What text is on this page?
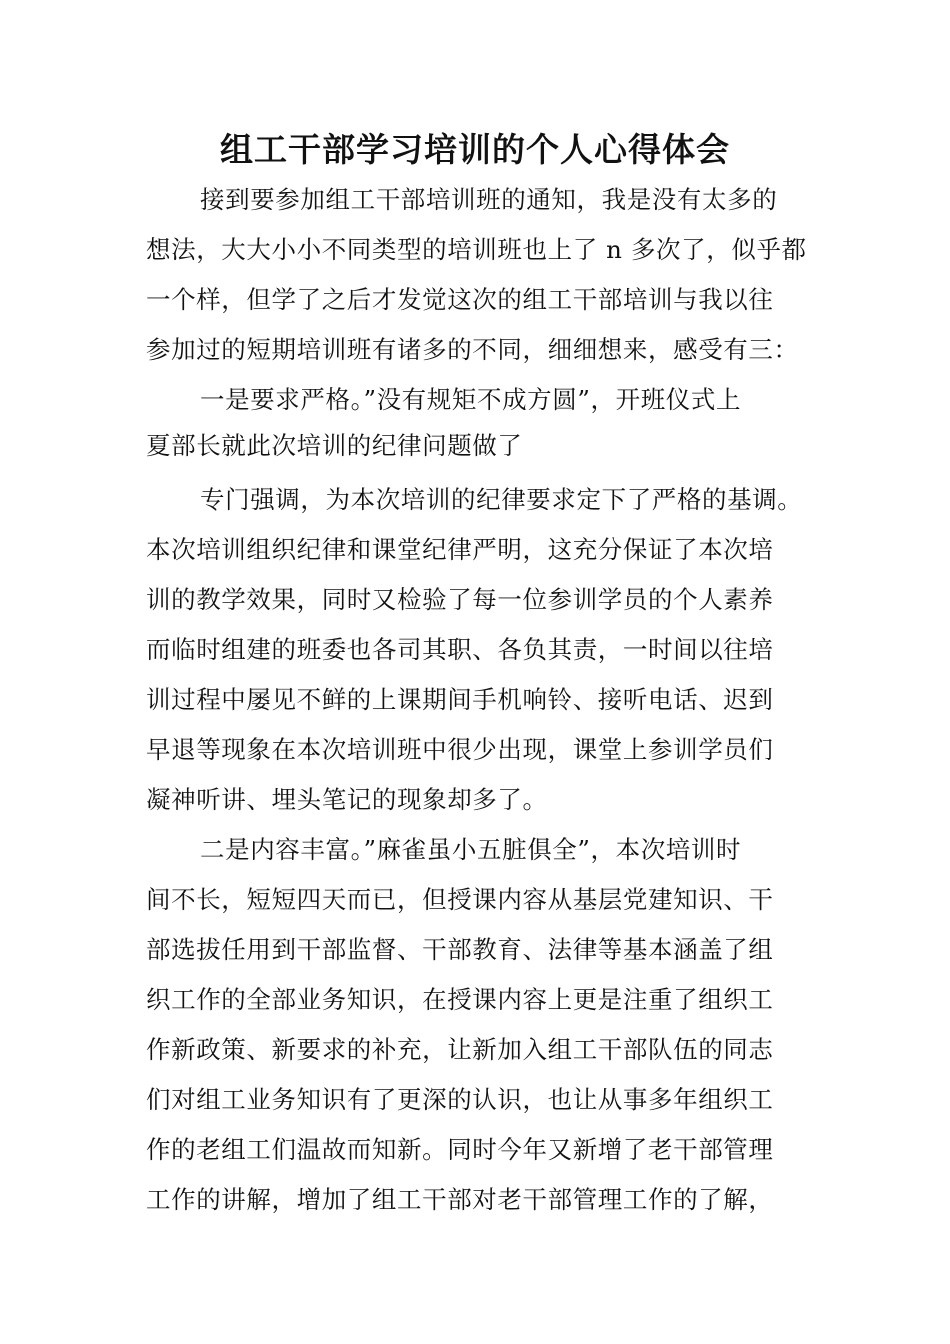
组工干部学习培训的个人心得体会
接到要参加组工干部培训班的通知，我是没有太多的
想法，大大小小不同类型的培训班也上了 n 多次了，似乎都
一个样，但学了之后才发觉这次的组工干部培训与我以往
参加过的短期培训班有诸多的不同，细细想来，感受有三：
一是要求严格。”没有规矩不成方圆”，开班仪式上
夏部长就此次培训的纪律问题做了
专门强调，为本次培训的纪律要求定下了严格的基调。
本次培训组织纪律和课堂纪律严明，这充分保证了本次培
训的教学效果，同时又检验了每一位参训学员的个人素养
而临时组建的班委也各司其职、各负其责，一时间以往培
训过程中屡见不鲜的上课期间手机响铃、接听电话、迟到
早退等现象在本次培训班中很少出现，课堂上参训学员们
凝神听讲、埋头笔记的现象却多了。
二是内容丰富。”麻雀虽小五脏俱全”，本次培训时
间不长，短短四天而已，但授课内容从基层党建知识、干
部选拔任用到干部监督、干部教育、法律等基本涵盖了组
织工作的全部业务知识，在授课内容上更是注重了组织工
作新政策、新要求的补充，让新加入组工干部队伍的同志
们对组工业务知识有了更深的认识，也让从事多年组织工
作的老组工们温故而知新。同时今年又新增了老干部管理
工作的讲解，增加了组工干部对老干部管理工作的了解，
